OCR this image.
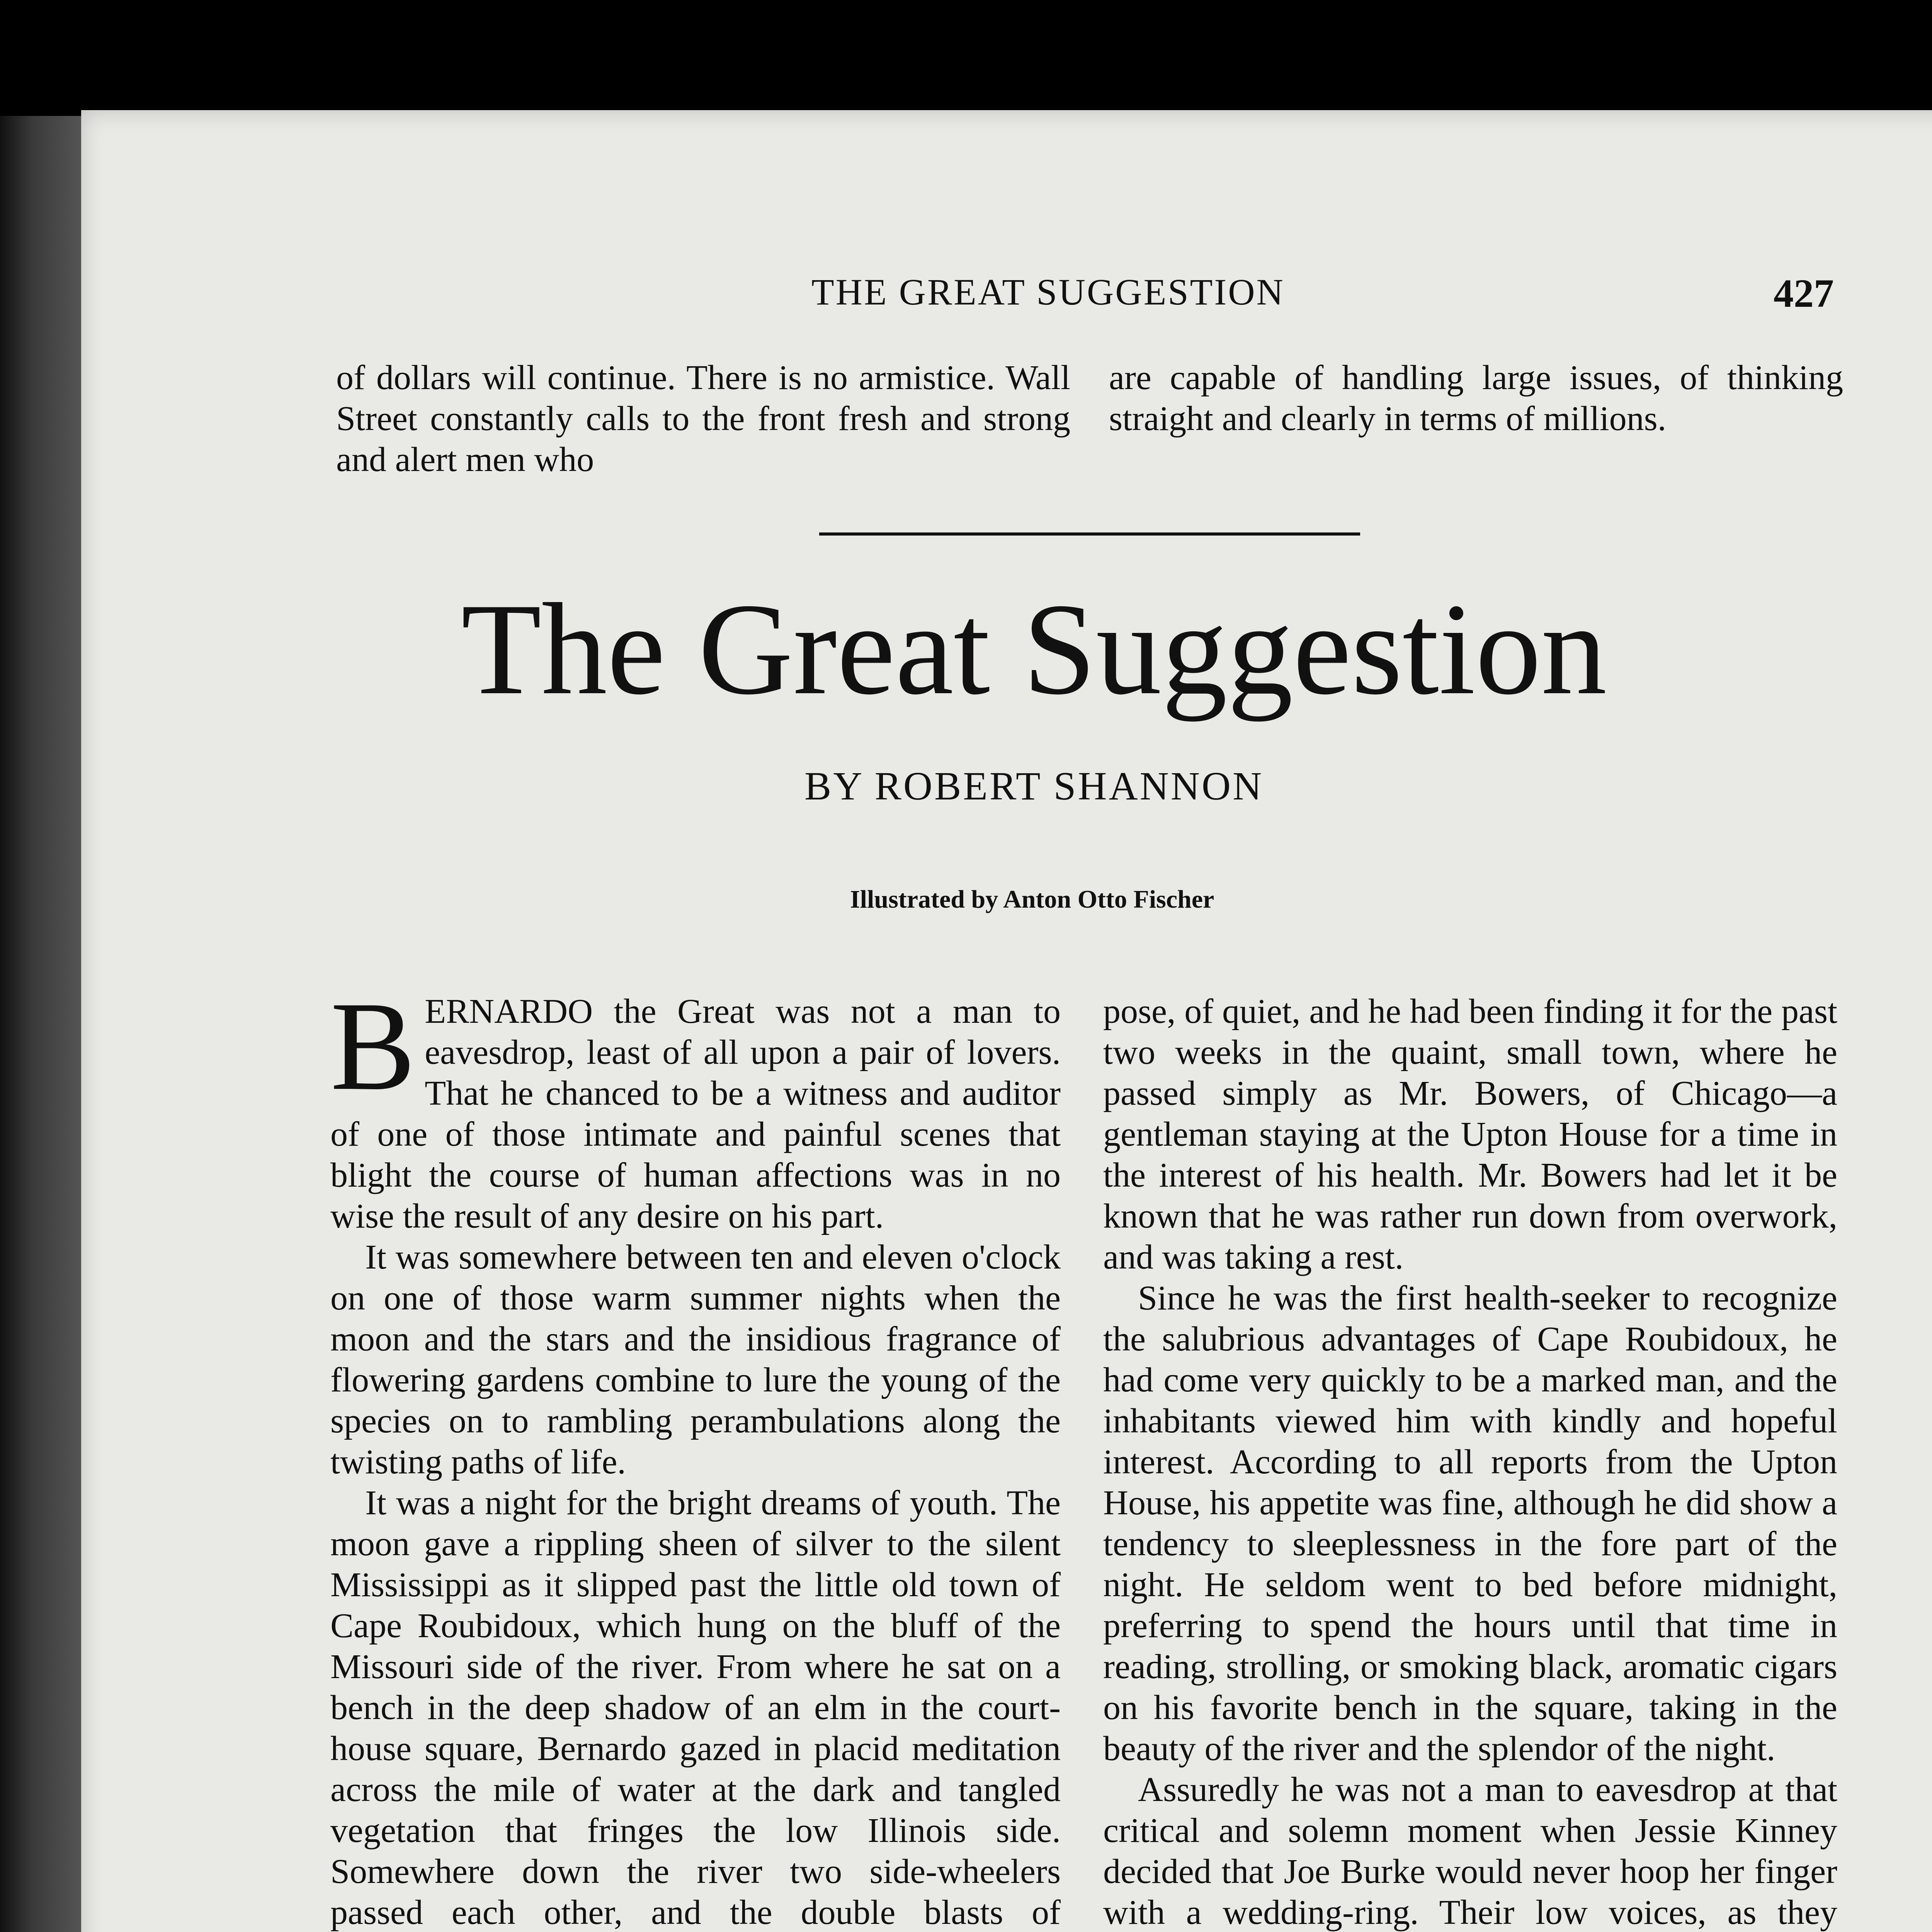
THE GREAT SUGGESTION	427

of dollars will continue. There is no armistice. Wall Street constantly calls to the front fresh and strong and alert men who

are capable of handling large issues, of thinking straight and clearly in terms of millions.

The Great Suggestion
BY ROBERT SHANNON
Illustrated by Anton Otto Fischer

BERNARDO the Great was not a man to eavesdrop, least of all upon a pair of lovers. That he chanced to be a witness and auditor of one of those intimate and painful scenes that blight the course of human affections was in no wise the result of any desire on his part.

It was somewhere between ten and eleven o'clock on one of those warm summer nights when the moon and the stars and the insidious fragrance of flowering gardens combine to lure the young of the species on to rambling perambulations along the twisting paths of life.

It was a night for the bright dreams of youth. The moon gave a rippling sheen of silver to the silent Mississippi as it slipped past the little old town of Cape Roubidoux, which hung on the bluff of the Missouri side of the river. From where he sat on a bench in the deep shadow of an elm in the court-house square, Bernardo gazed in placid meditation across the mile of water at the dark and tangled vegetation that fringes the low Illinois side. Somewhere down the river two side-wheelers passed each other, and the double blasts of

pose, of quiet, and he had been finding it for the past two weeks in the quaint, small town, where he passed simply as Mr. Bowers, of Chicago—a gentleman staying at the Upton House for a time in the interest of his health. Mr. Bowers had let it be known that he was rather run down from overwork, and was taking a rest.

Since he was the first health-seeker to recognize the salubrious advantages of Cape Roubidoux, he had come very quickly to be a marked man, and the inhabitants viewed him with kindly and hopeful interest. According to all reports from the Upton House, his appetite was fine, although he did show a tendency to sleeplessness in the fore part of the night. He seldom went to bed before midnight, preferring to spend the hours until that time in reading, strolling, or smoking black, aromatic cigars on his favorite bench in the square, taking in the beauty of the river and the splendor of the night.

Assuredly he was not a man to eavesdrop at that critical and solemn moment when Jessie Kinney decided that Joe Burke would never hoop her finger with a wedding-ring. Their low voices, as they
